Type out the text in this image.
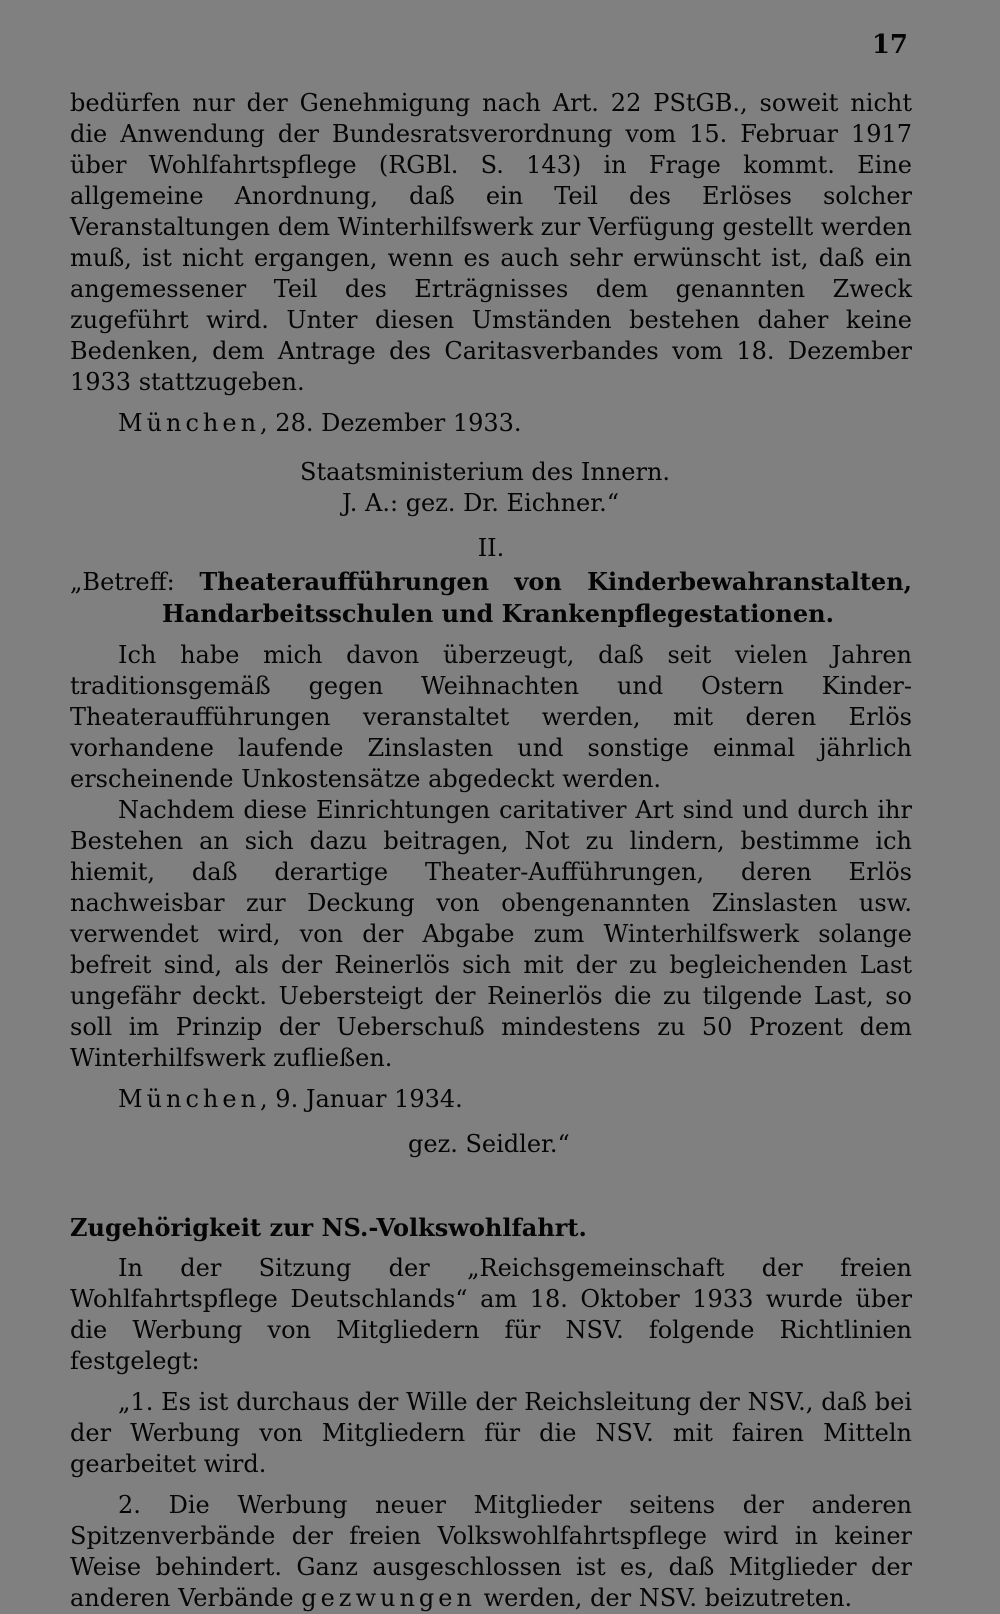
17

bedürfen nur der Genehmigung nach Art. 22 PStGB., soweit nicht die Anwendung der Bundesratsverordnung vom 15. Februar 1917 über Wohlfahrtspflege (RGBl. S. 143) in Frage kommt. Eine allgemeine Anordnung, daß ein Teil des Erlöses solcher Veranstaltungen dem Winterhilfswerk zur Verfügung gestellt werden muß, ist nicht ergangen, wenn es auch sehr erwünscht ist, daß ein angemessener Teil des Erträgnisses dem genannten Zweck zugeführt wird. Unter diesen Umständen bestehen daher keine Bedenken, dem Antrage des Caritasverbandes vom 18. Dezember 1933 stattzugeben.

München, 28. Dezember 1933.

Staatsministerium des Innern.

J. A.: gez. Dr. Eichner.“

II.

„Betreff: Theateraufführungen von Kinderbewahranstalten, Handarbeitsschulen und Krankenpflegestationen.

Ich habe mich davon überzeugt, daß seit vielen Jahren traditionsgemäß gegen Weihnachten und Ostern Kinder-Theateraufführungen veranstaltet werden, mit deren Erlös vorhandene laufende Zinslasten und sonstige einmal jährlich erscheinende Unkostensätze abgedeckt werden.

Nachdem diese Einrichtungen caritativer Art sind und durch ihr Bestehen an sich dazu beitragen, Not zu lindern, bestimme ich hiemit, daß derartige Theater-Aufführungen, deren Erlös nachweisbar zur Deckung von obengenannten Zinslasten usw. verwendet wird, von der Abgabe zum Winterhilfswerk solange befreit sind, als der Reinerlös sich mit der zu begleichenden Last ungefähr deckt. Uebersteigt der Reinerlös die zu tilgende Last, so soll im Prinzip der Ueberschuß mindestens zu 50 Prozent dem Winterhilfswerk zufließen.

München, 9. Januar 1934.

gez. Seidler.“

Zugehörigkeit zur NS.-Volkswohlfahrt.

In der Sitzung der „Reichsgemeinschaft der freien Wohlfahrtspflege Deutschlands“ am 18. Oktober 1933 wurde über die Werbung von Mitgliedern für NSV. folgende Richtlinien festgelegt:

„1. Es ist durchaus der Wille der Reichsleitung der NSV., daß bei der Werbung von Mitgliedern für die NSV. mit fairen Mitteln gearbeitet wird.

2. Die Werbung neuer Mitglieder seitens der anderen Spitzenverbände der freien Volkswohlfahrtspflege wird in keiner Weise behindert. Ganz ausgeschlossen ist es, daß Mitglieder der anderen Verbände gezwungen werden, der NSV. beizutreten.
